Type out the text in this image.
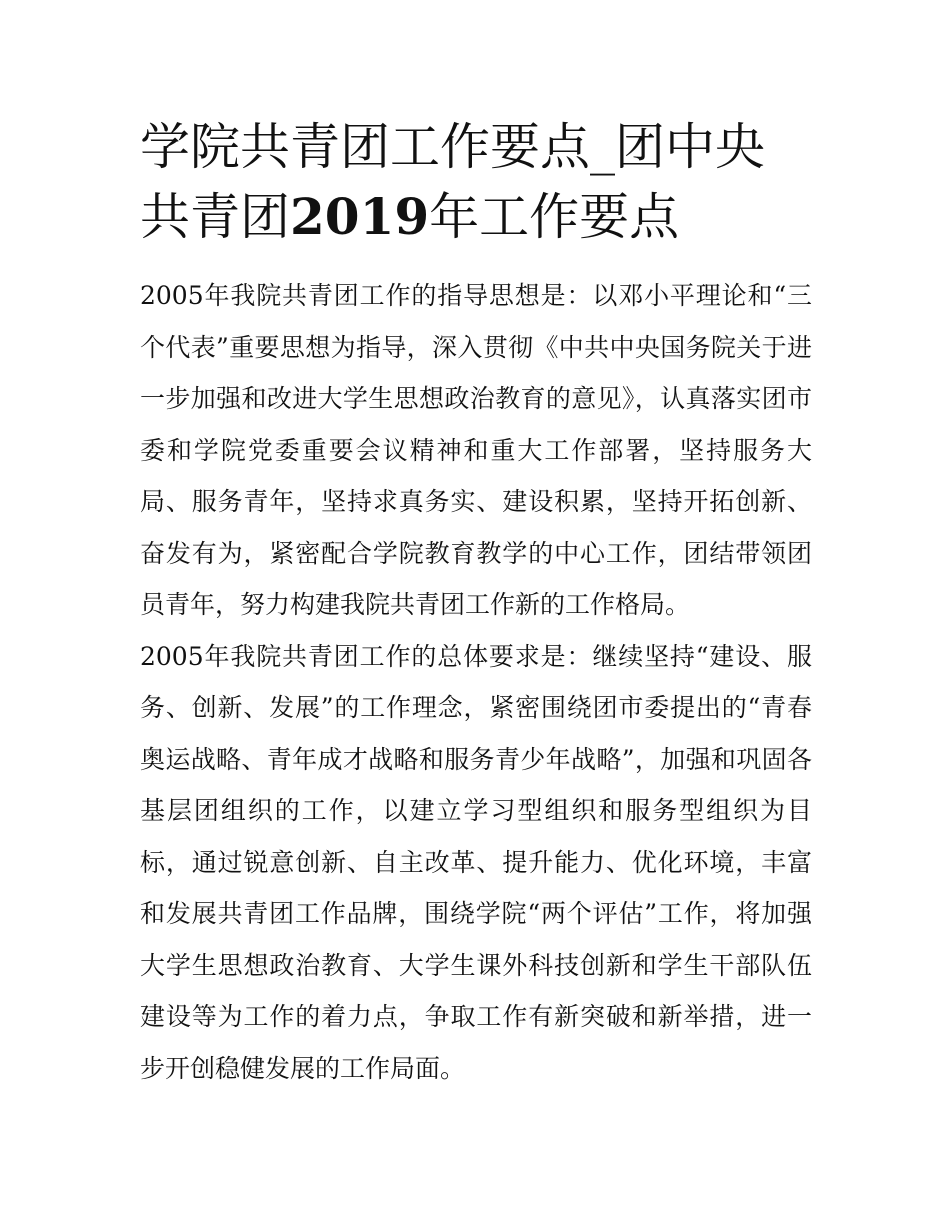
学院共青团工作要点_团中央共青团2019年工作要点

2005年我院共青团工作的指导思想是：以邓小平理论和“三个代表”重要思想为指导，深入贯彻《中共中央国务院关于进一步加强和改进大学生思想政治教育的意见》，认真落实团市委和学院党委重要会议精神和重大工作部署，坚持服务大局、服务青年，坚持求真务实、建设积累，坚持开拓创新、奋发有为，紧密配合学院教育教学的中心工作，团结带领团员青年，努力构建我院共青团工作新的工作格局。

2005年我院共青团工作的总体要求是：继续坚持“建设、服务、创新、发展”的工作理念，紧密围绕团市委提出的“青春奥运战略、青年成才战略和服务青少年战略”，加强和巩固各基层团组织的工作，以建立学习型组织和服务型组织为目标，通过锐意创新、自主改革、提升能力、优化环境，丰富和发展共青团工作品牌，围绕学院“两个评估”工作，将加强大学生思想政治教育、大学生课外科技创新和学生干部队伍建设等为工作的着力点，争取工作有新突破和新举措，进一步开创稳健发展的工作局面。
